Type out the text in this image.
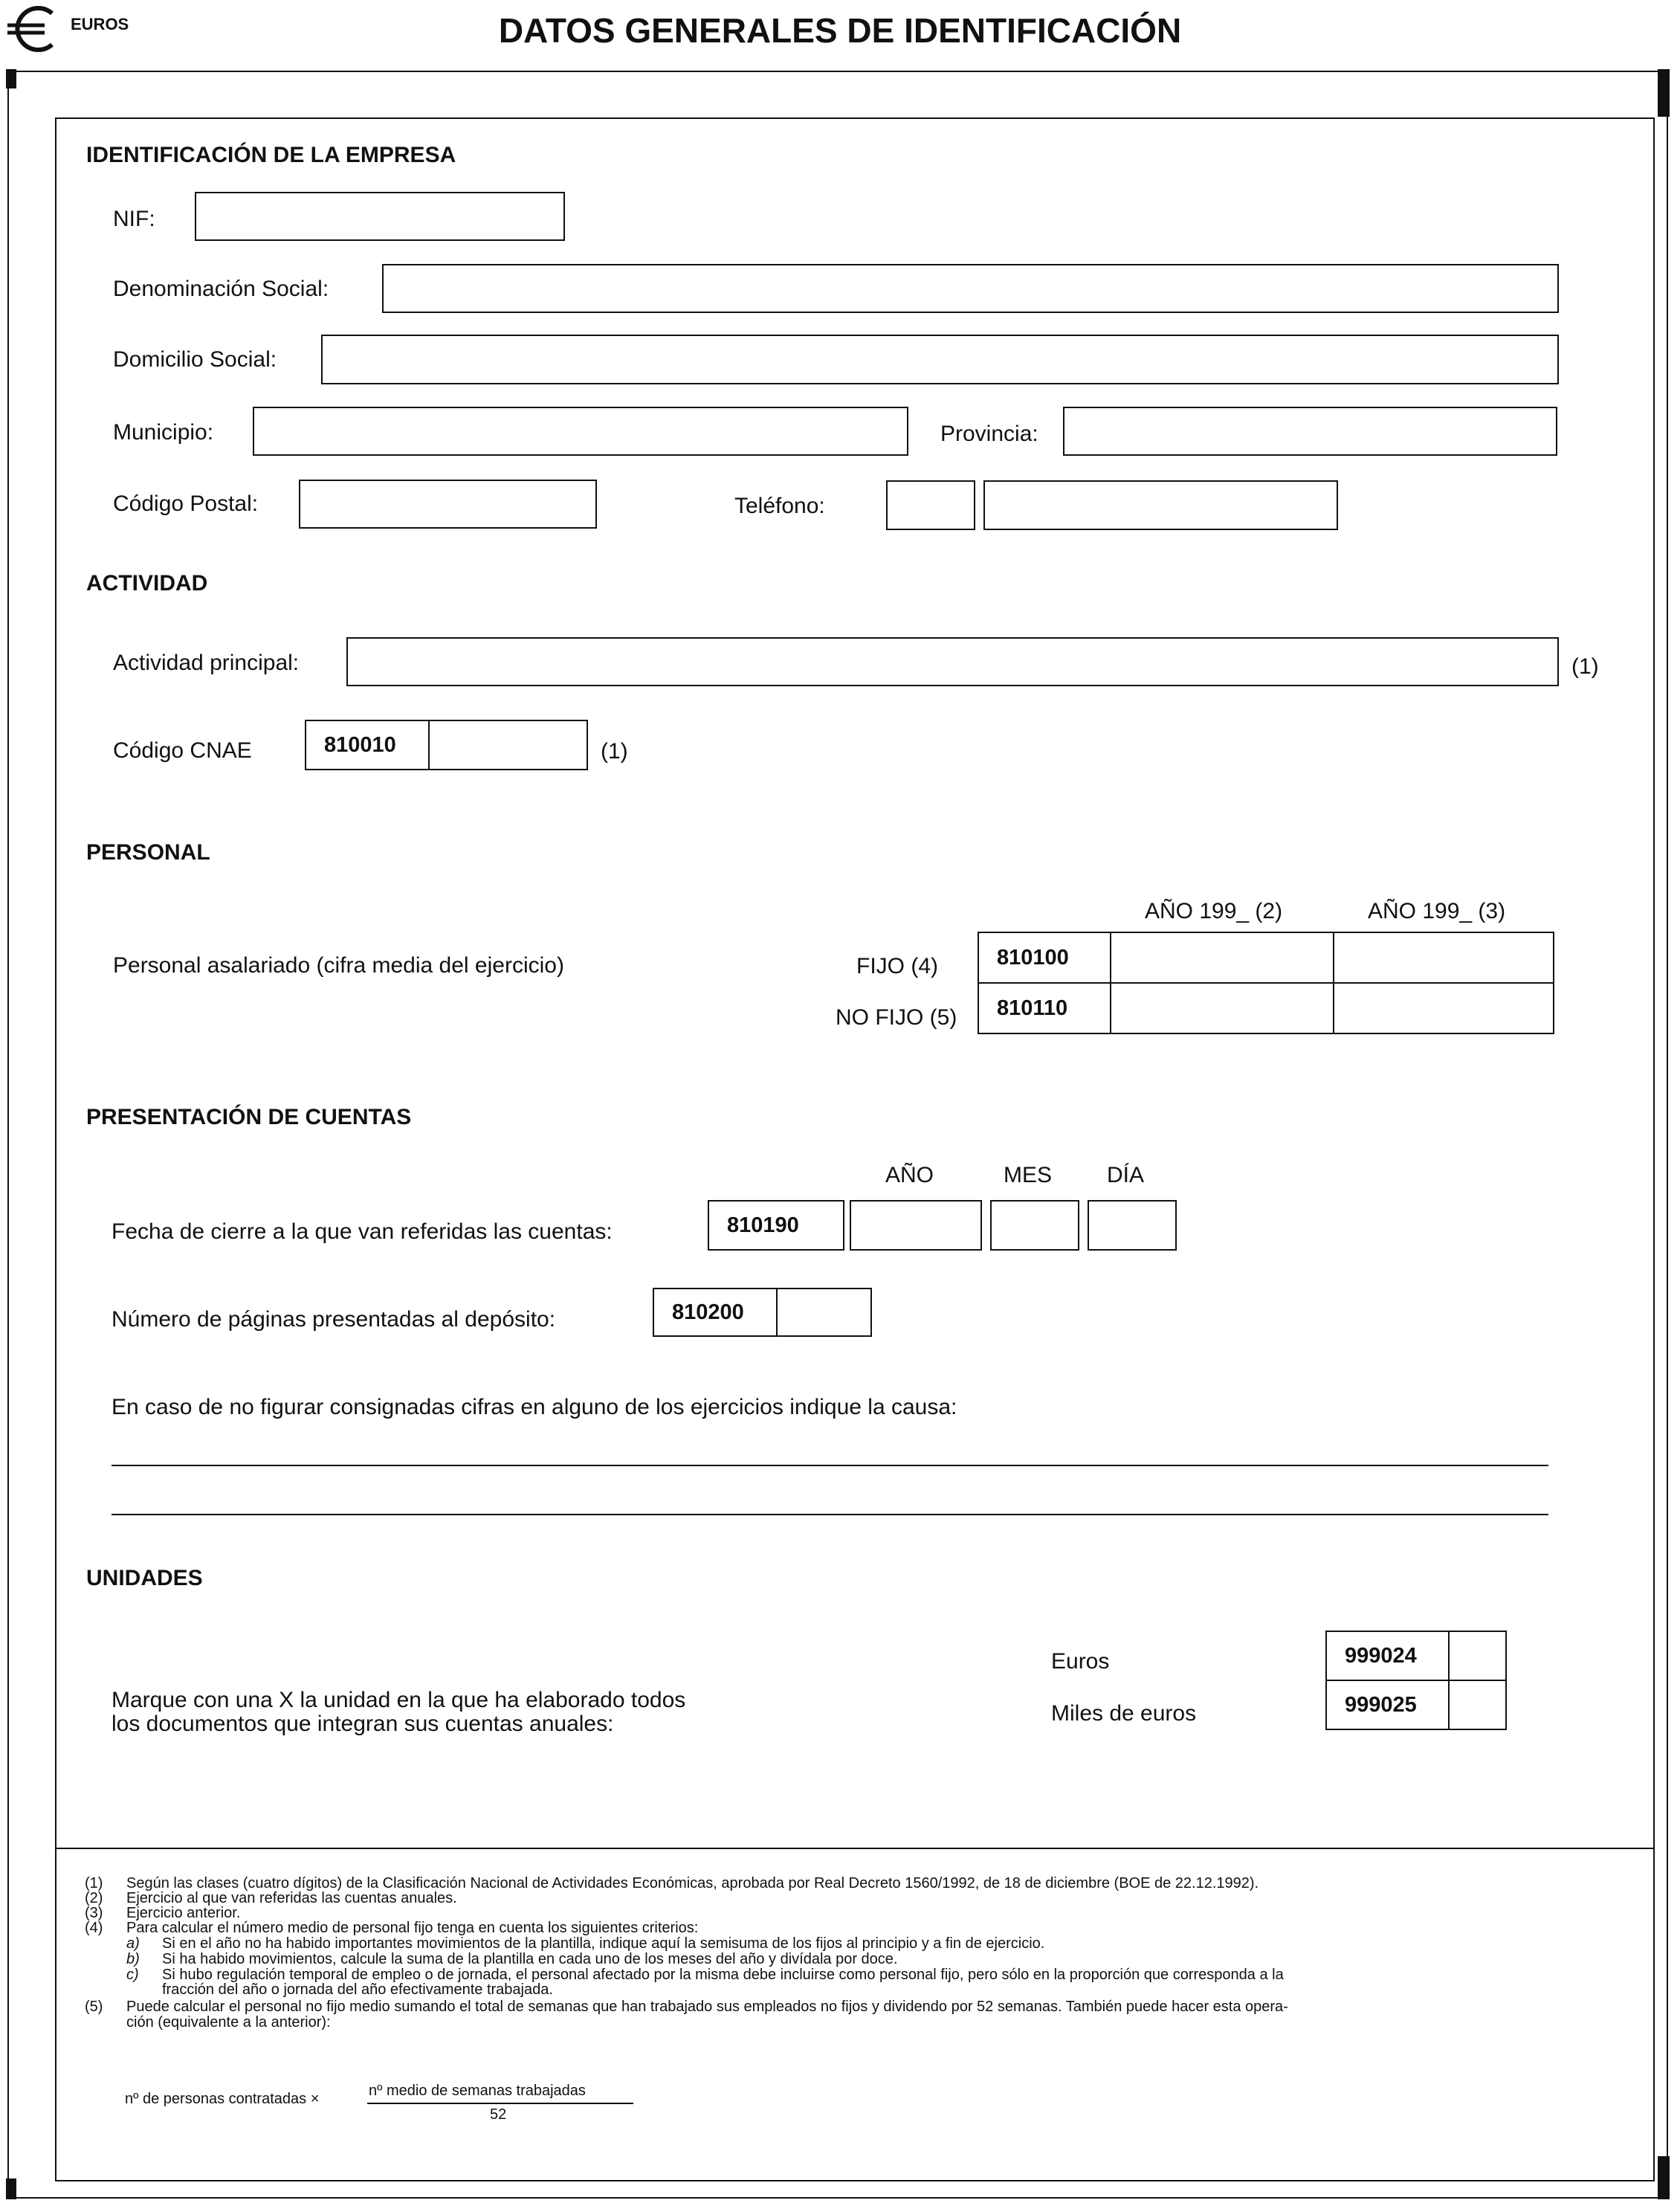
EUROS	DATOS GENERALES DE IDENTIFICACIÓN
IDENTIFICACIÓN DE LA EMPRESA
NIF:
Denominación Social:
Domicilio Social:
Municipio:	Provincia:
Código Postal:	Teléfono:
ACTIVIDAD
Actividad principal:	(1)
Código CNAE	810010	(1)
PERSONAL
AÑO 199_ (2)	AÑO 199_ (3)
Personal asalariado (cifra media del ejercicio)	FIJO (4)	810100
NO FIJO (5)	810110
PRESENTACIÓN DE CUENTAS
AÑO	MES DÍA
Fecha de cierre a la que van referidas las cuentas:	810190
Número de páginas presentadas al depósito:	810200
En caso de no figurar consignadas cifras en alguno de los ejercicios indique la causa:
UNIDADES
Marque con una X la unidad en la que ha elaborado todos
los documentos que integran sus cuentas anuales:
Euros	999024
Miles de euros	999025
(1) Según las clases (cuatro dígitos) de la Clasificación Nacional de Actividades Económicas, aprobada por Real Decreto 1560/1992, de 18 de diciembre (BOE de 22.12.1992).
(2) Ejercicio al que van referidas las cuentas anuales.
(3) Ejercicio anterior.
(4) Para calcular el número medio de personal fijo tenga en cuenta los siguientes criterios:
a) Si en el año no ha habido importantes movimientos de la plantilla, indique aquí la semisuma de los fijos al principio y a fin de ejercicio.
b) Si ha habido movimientos, calcule la suma de la plantilla en cada uno de los meses del año y divídala por doce.
c) Si hubo regulación temporal de empleo o de jornada, el personal afectado por la misma debe incluirse como personal fijo, pero sólo en la proporción que corresponda a la
fracción del año o jornada del año efectivamente trabajada.
(5) Puede calcular el personal no fijo medio sumando el total de semanas que han trabajado sus empleados no fijos y dividendo por 52 semanas. También puede hacer esta opera-
ción (equivalente a la anterior):
nº de personas contratadas ×	nº medio de semanas trabajadas
52
